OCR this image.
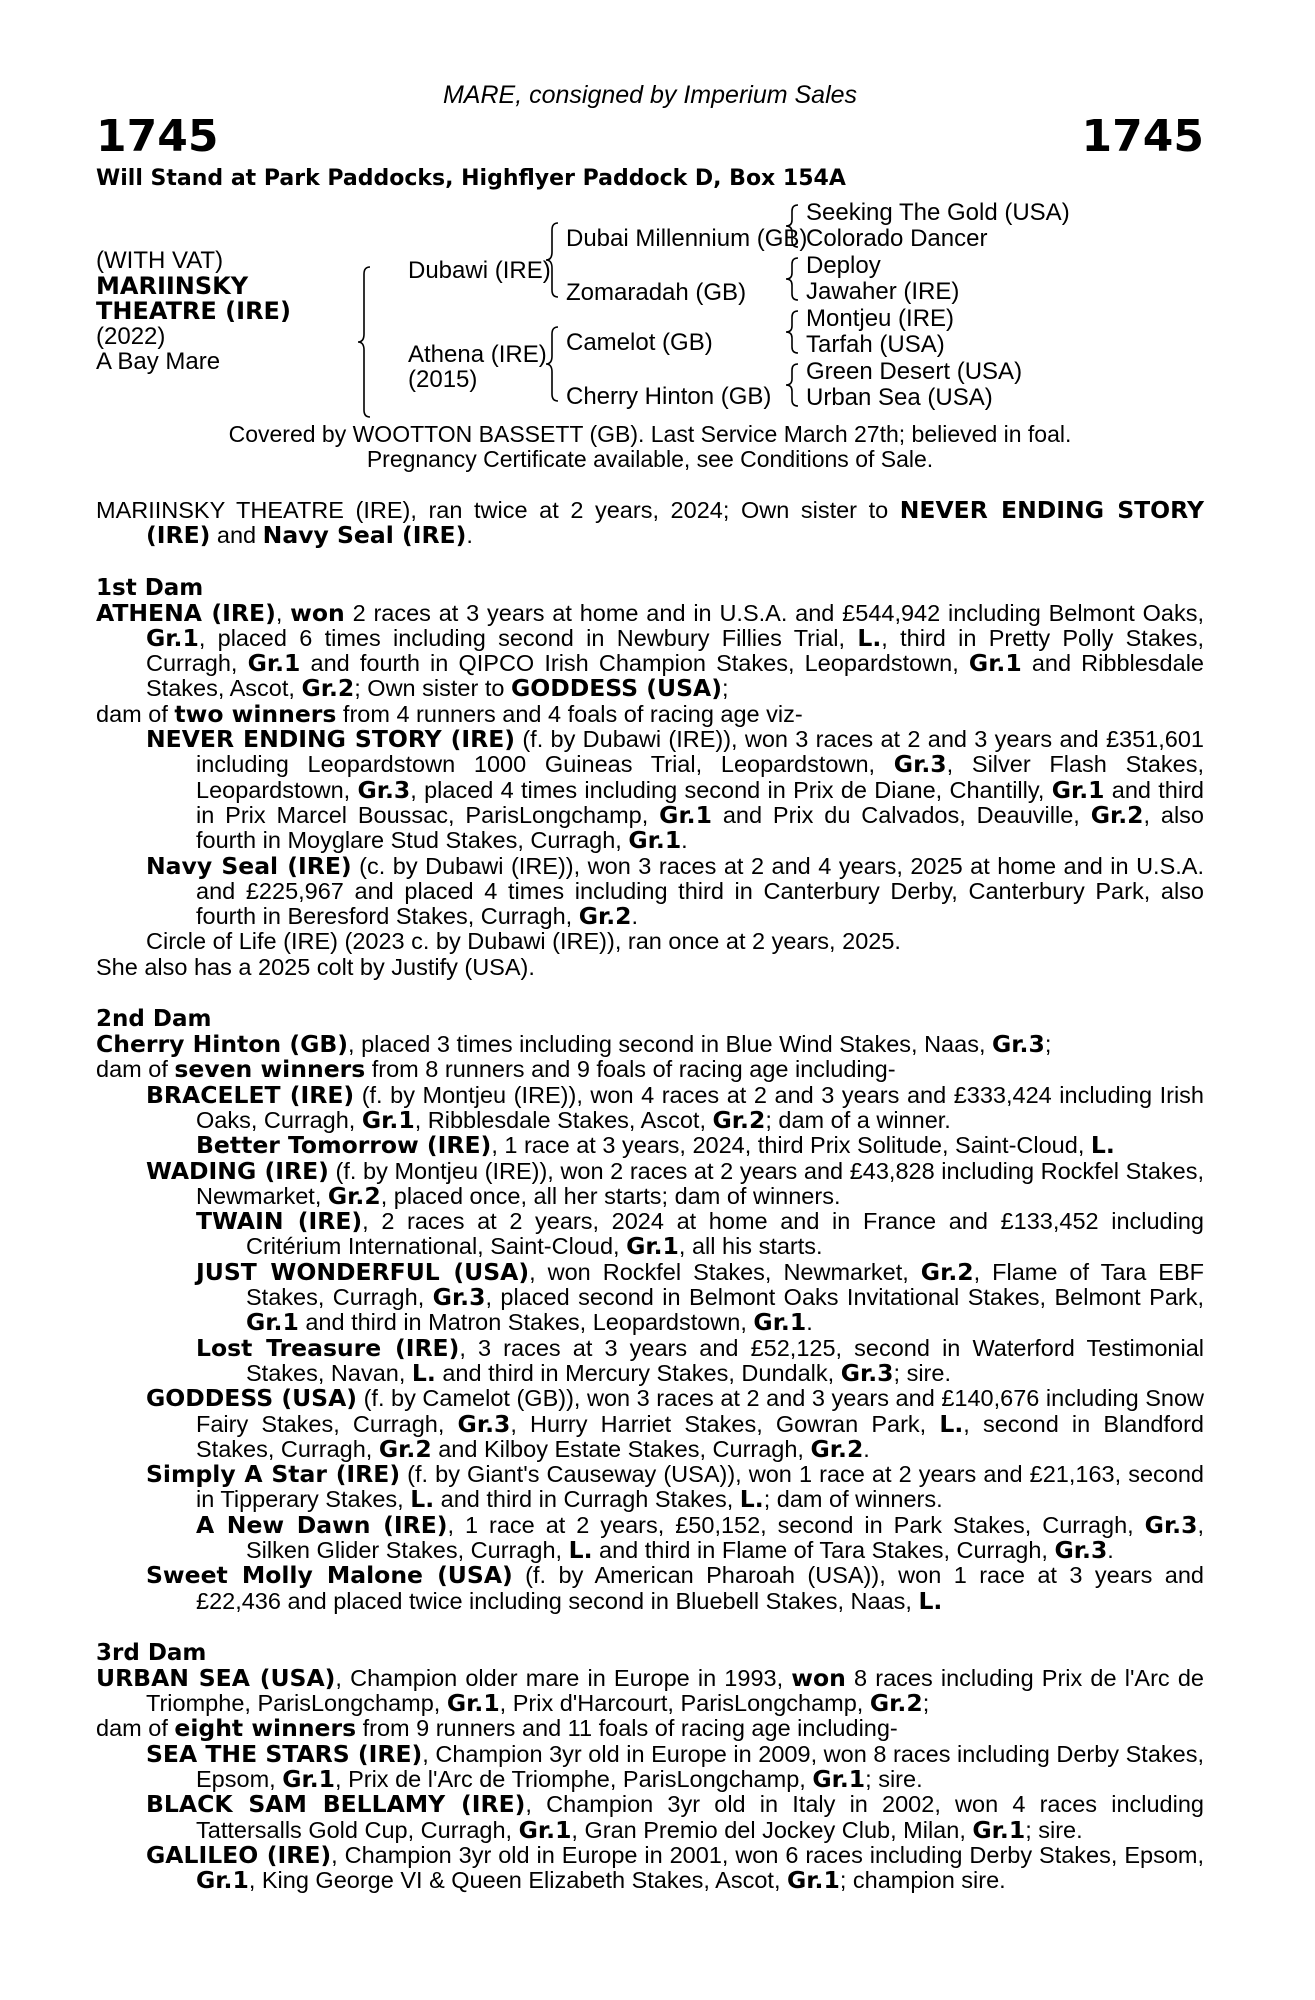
MARE, consigned by Imperium Sales
1745	1745
Will Stand at Park Paddocks, Highflyer Paddock D, Box 154A
(WITH VAT)
MARIINSKY
THEATRE (IRE)
(2022)
A Bay Mare
Dubawi (IRE)
Athena (IRE)
(2015)
Dubai Millennium (GB)
Zomaradah (GB)
Camelot (GB)
Cherry Hinton (GB)
Seeking The Gold (USA)
Colorado Dancer
Deploy
Jawaher (IRE)
Montjeu (IRE)
Tarfah (USA)
Green Desert (USA)
Urban Sea (USA)
Covered by WOOTTON BASSETT (GB). Last Service March 27th; believed in foal.
Pregnancy Certificate available, see Conditions of Sale.
MARIINSKY THEATRE (IRE), ran twice at 2 years, 2024; Own sister to NEVER ENDING STORY (IRE) and Navy Seal (IRE).
1st Dam
ATHENA (IRE), won 2 races at 3 years at home and in U.S.A. and £544,942 including Belmont Oaks, Gr.1, placed 6 times including second in Newbury Fillies Trial, L., third in Pretty Polly Stakes, Curragh, Gr.1 and fourth in QIPCO Irish Champion Stakes, Leopardstown, Gr.1 and Ribblesdale Stakes, Ascot, Gr.2; Own sister to GODDESS (USA);
dam of two winners from 4 runners and 4 foals of racing age viz-
NEVER ENDING STORY (IRE) (f. by Dubawi (IRE)), won 3 races at 2 and 3 years and £351,601 including Leopardstown 1000 Guineas Trial, Leopardstown, Gr.3, Silver Flash Stakes, Leopardstown, Gr.3, placed 4 times including second in Prix de Diane, Chantilly, Gr.1 and third in Prix Marcel Boussac, ParisLongchamp, Gr.1 and Prix du Calvados, Deauville, Gr.2, also fourth in Moyglare Stud Stakes, Curragh, Gr.1.
Navy Seal (IRE) (c. by Dubawi (IRE)), won 3 races at 2 and 4 years, 2025 at home and in U.S.A. and £225,967 and placed 4 times including third in Canterbury Derby, Canterbury Park, also fourth in Beresford Stakes, Curragh, Gr.2.
Circle of Life (IRE) (2023 c. by Dubawi (IRE)), ran once at 2 years, 2025.
She also has a 2025 colt by Justify (USA).
2nd Dam
Cherry Hinton (GB), placed 3 times including second in Blue Wind Stakes, Naas, Gr.3;
dam of seven winners from 8 runners and 9 foals of racing age including-
BRACELET (IRE) (f. by Montjeu (IRE)), won 4 races at 2 and 3 years and £333,424 including Irish Oaks, Curragh, Gr.1, Ribblesdale Stakes, Ascot, Gr.2; dam of a winner.
Better Tomorrow (IRE), 1 race at 3 years, 2024, third Prix Solitude, Saint-Cloud, L.
WADING (IRE) (f. by Montjeu (IRE)), won 2 races at 2 years and £43,828 including Rockfel Stakes, Newmarket, Gr.2, placed once, all her starts; dam of winners.
TWAIN (IRE), 2 races at 2 years, 2024 at home and in France and £133,452 including Critérium International, Saint-Cloud, Gr.1, all his starts.
JUST WONDERFUL (USA), won Rockfel Stakes, Newmarket, Gr.2, Flame of Tara EBF Stakes, Curragh, Gr.3, placed second in Belmont Oaks Invitational Stakes, Belmont Park, Gr.1 and third in Matron Stakes, Leopardstown, Gr.1.
Lost Treasure (IRE), 3 races at 3 years and £52,125, second in Waterford Testimonial Stakes, Navan, L. and third in Mercury Stakes, Dundalk, Gr.3; sire.
GODDESS (USA) (f. by Camelot (GB)), won 3 races at 2 and 3 years and £140,676 including Snow Fairy Stakes, Curragh, Gr.3, Hurry Harriet Stakes, Gowran Park, L., second in Blandford Stakes, Curragh, Gr.2 and Kilboy Estate Stakes, Curragh, Gr.2.
Simply A Star (IRE) (f. by Giant's Causeway (USA)), won 1 race at 2 years and £21,163, second in Tipperary Stakes, L. and third in Curragh Stakes, L.; dam of winners.
A New Dawn (IRE), 1 race at 2 years, £50,152, second in Park Stakes, Curragh, Gr.3, Silken Glider Stakes, Curragh, L. and third in Flame of Tara Stakes, Curragh, Gr.3.
Sweet Molly Malone (USA) (f. by American Pharoah (USA)), won 1 race at 3 years and £22,436 and placed twice including second in Bluebell Stakes, Naas, L.
3rd Dam
URBAN SEA (USA), Champion older mare in Europe in 1993, won 8 races including Prix de l'Arc de Triomphe, ParisLongchamp, Gr.1, Prix d'Harcourt, ParisLongchamp, Gr.2;
dam of eight winners from 9 runners and 11 foals of racing age including-
SEA THE STARS (IRE), Champion 3yr old in Europe in 2009, won 8 races including Derby Stakes, Epsom, Gr.1, Prix de l'Arc de Triomphe, ParisLongchamp, Gr.1; sire.
BLACK SAM BELLAMY (IRE), Champion 3yr old in Italy in 2002, won 4 races including Tattersalls Gold Cup, Curragh, Gr.1, Gran Premio del Jockey Club, Milan, Gr.1; sire.
GALILEO (IRE), Champion 3yr old in Europe in 2001, won 6 races including Derby Stakes, Epsom, Gr.1, King George VI & Queen Elizabeth Stakes, Ascot, Gr.1; champion sire.
